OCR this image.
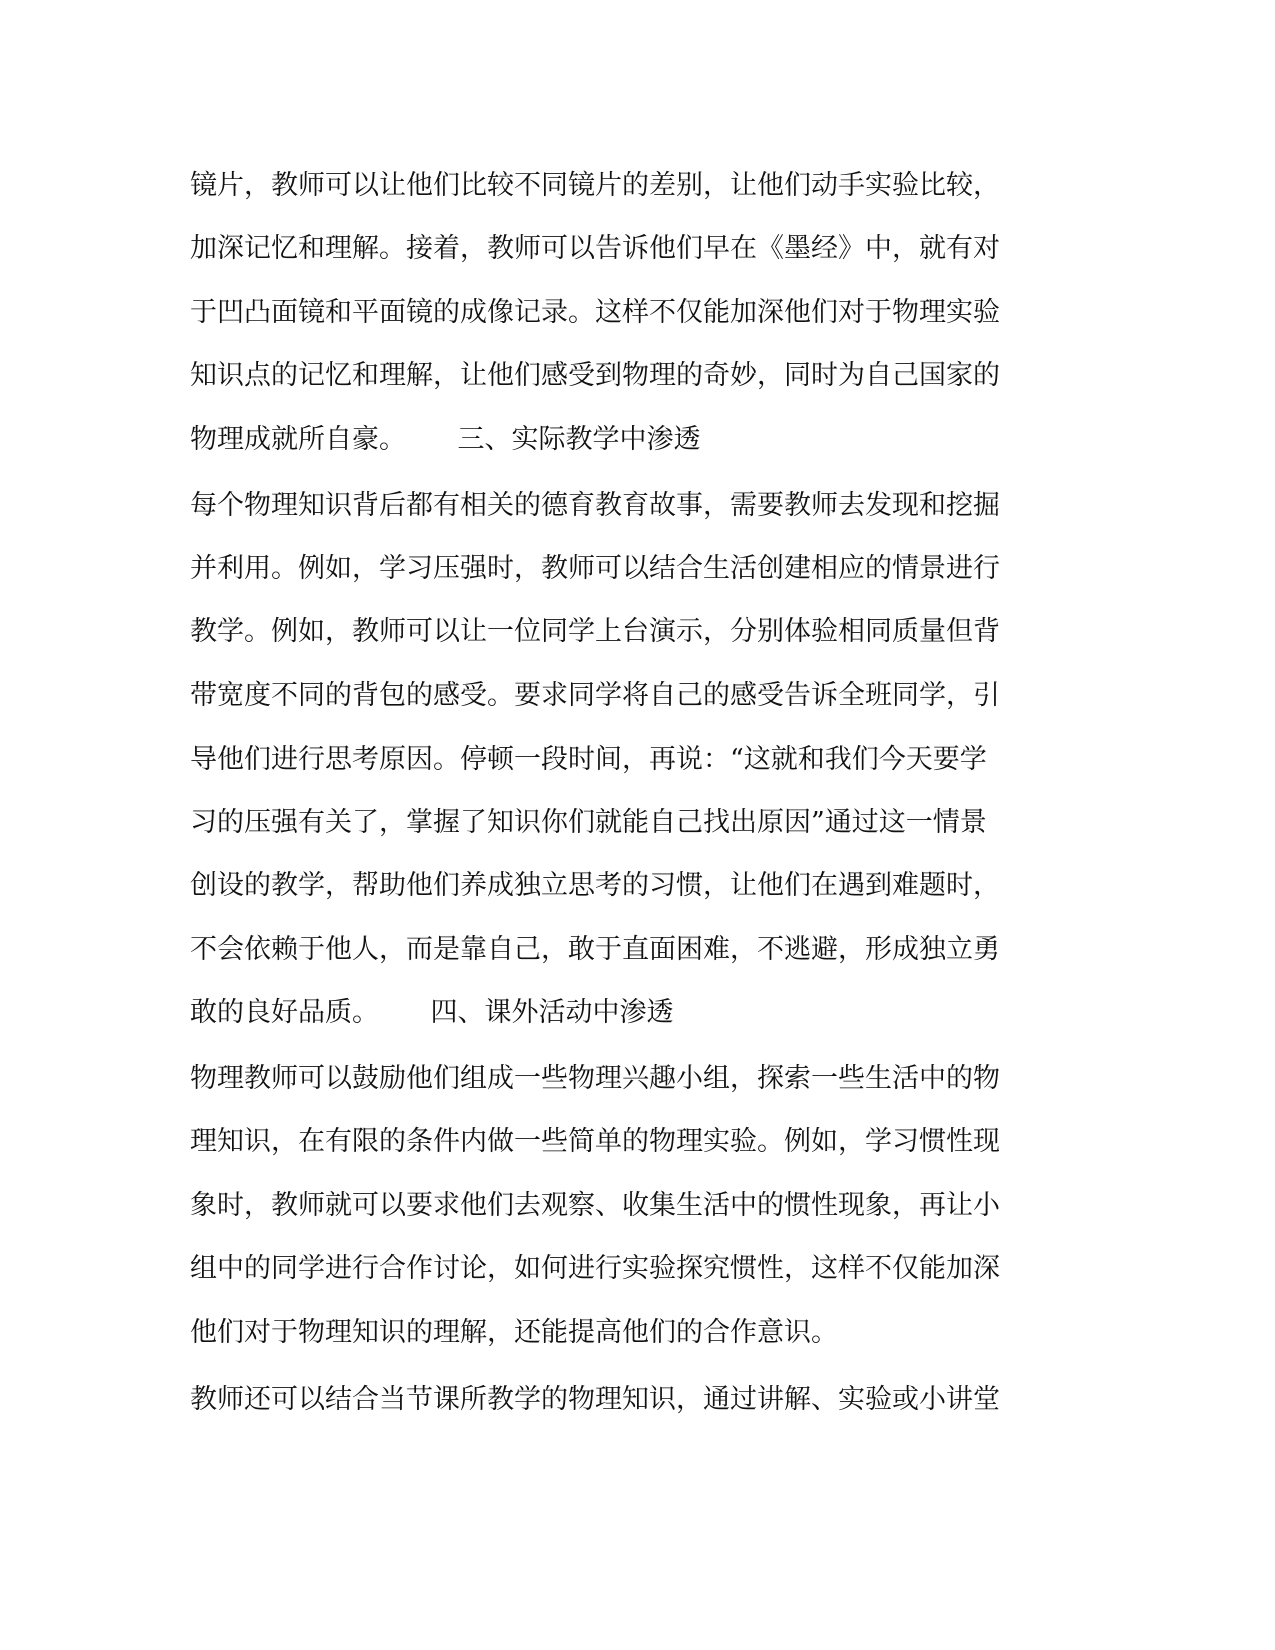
镜片，教师可以让他们比较不同镜片的差别，让他们动手实验比较，
加深记忆和理解。接着，教师可以告诉他们早在《墨经》中，就有对
于凹凸面镜和平面镜的成像记录。这样不仅能加深他们对于物理实验
知识点的记忆和理解，让他们感受到物理的奇妙，同时为自己国家的
物理成就所自豪。      三、实际教学中渗透
每个物理知识背后都有相关的德育教育故事，需要教师去发现和挖掘
并利用。例如，学习压强时，教师可以结合生活创建相应的情景进行
教学。例如，教师可以让一位同学上台演示，分别体验相同质量但背
带宽度不同的背包的感受。要求同学将自己的感受告诉全班同学，引
导他们进行思考原因。停顿一段时间，再说：“这就和我们今天要学
习的压强有关了，掌握了知识你们就能自己找出原因”通过这一情景
创设的教学，帮助他们养成独立思考的习惯，让他们在遇到难题时，
不会依赖于他人，而是靠自己，敢于直面困难，不逃避，形成独立勇
敢的良好品质。      四、课外活动中渗透
物理教师可以鼓励他们组成一些物理兴趣小组，探索一些生活中的物
理知识，在有限的条件内做一些简单的物理实验。例如，学习惯性现
象时，教师就可以要求他们去观察、收集生活中的惯性现象，再让小
组中的同学进行合作讨论，如何进行实验探究惯性，这样不仅能加深
他们对于物理知识的理解，还能提高他们的合作意识。
教师还可以结合当节课所教学的物理知识，通过讲解、实验或小讲堂
